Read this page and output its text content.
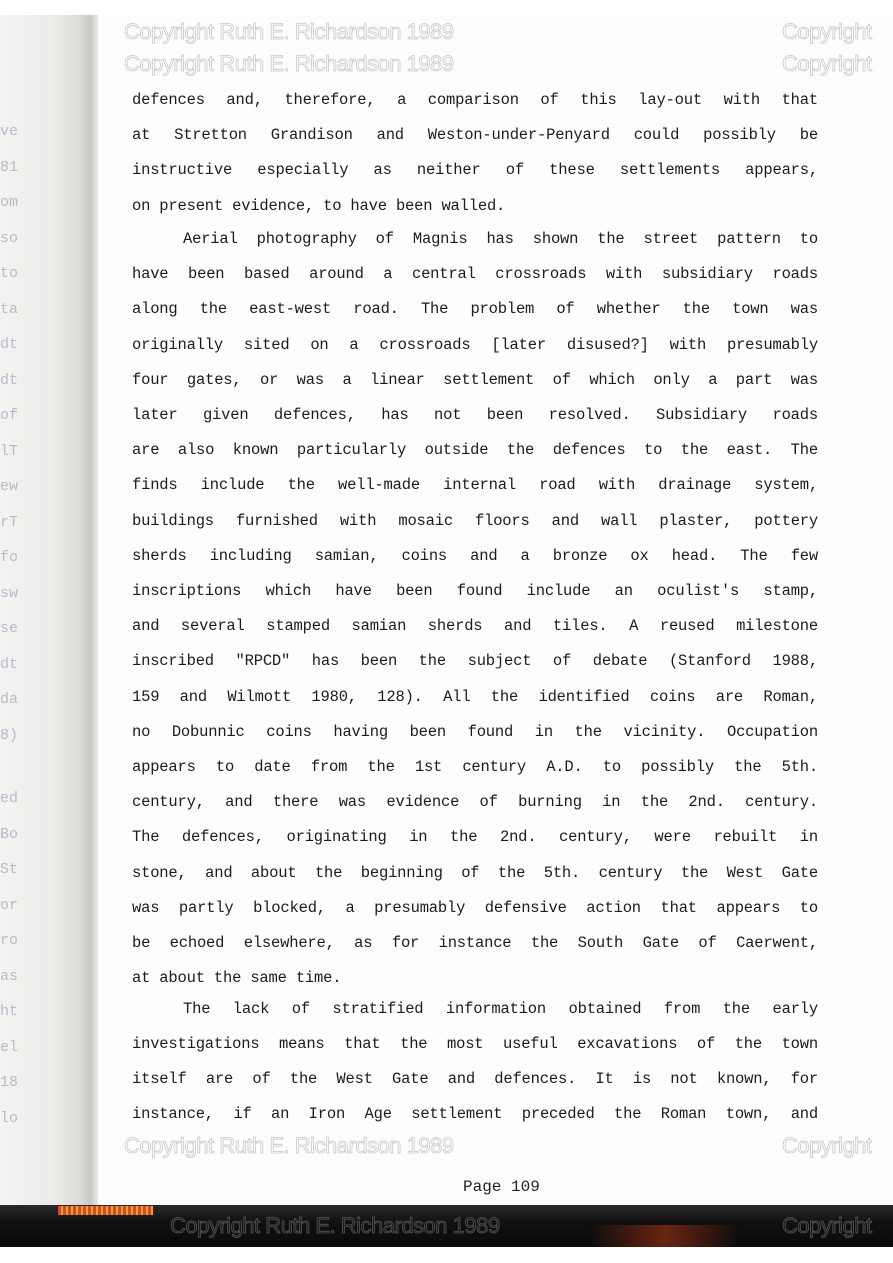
ve
81
om
so
to
ta
dt
dt
of
lT
ew
rT
fo
sw
se
dt
da
8)
ed
Bo
St
or
ro
as
ht
el
18
lo
defences and, therefore, a comparison of this lay-out with that
at Stretton Grandison and Weston-under-Penyard could possibly be
instructive especially as neither of these settlements appears,
on present evidence, to have been walled.
Aerial photography of Magnis has shown the street pattern to
have been based around a central crossroads with subsidiary roads
along the east-west road. The problem of whether the town was
originally sited on a crossroads [later disused?] with presumably
four gates, or was a linear settlement of which only a part was
later given defences, has not been resolved. Subsidiary roads
are also known particularly outside the defences to the east. The
finds include the well-made internal road with drainage system,
buildings furnished with mosaic floors and wall plaster, pottery
sherds including samian, coins and a bronze ox head. The few
inscriptions which have been found include an oculist's stamp,
and several stamped samian sherds and tiles. A reused milestone
inscribed "RPCD" has been the subject of debate (Stanford 1988,
159 and Wilmott 1980, 128). All the identified coins are Roman,
no Dobunnic coins having been found in the vicinity. Occupation
appears to date from the 1st century A.D. to possibly the 5th.
century, and there was evidence of burning in the 2nd. century.
The defences, originating in the 2nd. century, were rebuilt in
stone, and about the beginning of the 5th. century the West Gate
was partly blocked, a presumably defensive action that appears to
be echoed elsewhere, as for instance the South Gate of Caerwent,
at about the same time.
The lack of stratified information obtained from the early
investigations means that the most useful excavations of the town
itself are of the West Gate and defences. It is not known, for
instance, if an Iron Age settlement preceded the Roman town, and
Copyright Ruth E. Richardson 1989	Copyright
Copyright Ruth E. Richardson 1989	Copyright
Copyright Ruth E. Richardson 1989	Copyright
Page 109
Copyright Ruth E. Richardson 1989	Copyright
